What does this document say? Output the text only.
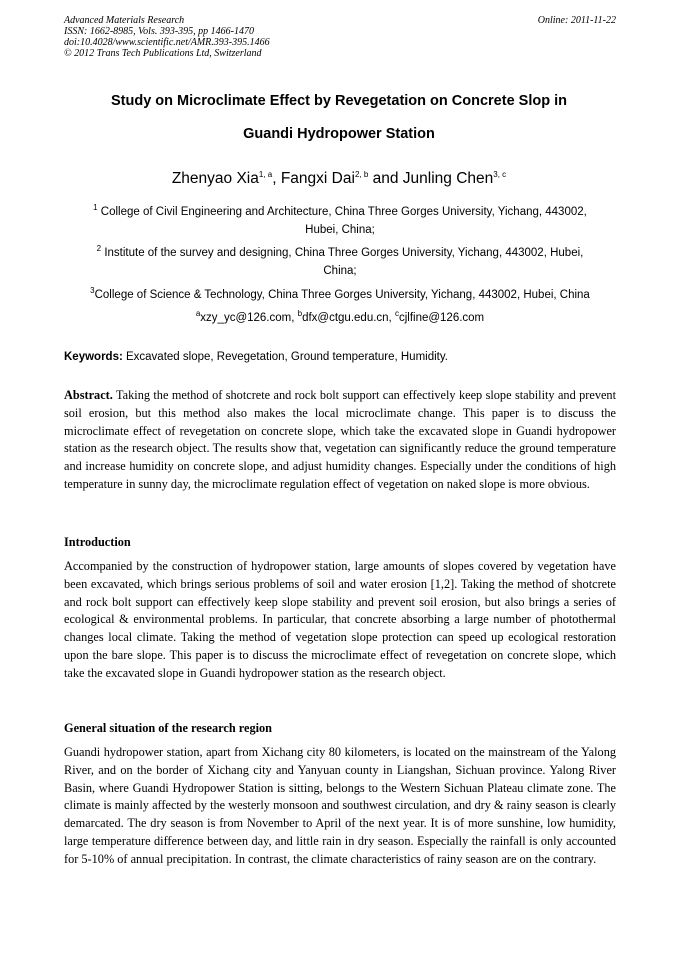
Advanced Materials Research
ISSN: 1662-8985, Vols. 393-395, pp 1466-1470
doi:10.4028/www.scientific.net/AMR.393-395.1466
© 2012 Trans Tech Publications Ltd, Switzerland
Online: 2011-11-22
Study on Microclimate Effect by Revegetation on Concrete Slop in
Guandi Hydropower Station
Zhenyao Xia$^{1, a}$, Fangxi Dai$^{2, b}$ and Junling Chen$^{3, c}$
$^1$ College of Civil Engineering and Architecture, China Three Gorges University, Yichang, 443002,
Hubei, China;
$^2$ Institute of the survey and designing, China Three Gorges University, Yichang, 443002, Hubei,
China;
$^3$College of Science & Technology, China Three Gorges University, Yichang, 443002, Hubei, China
$^a$xzy_yc@126.com, $^b$dfx@ctgu.edu.cn, $^c$cjlfine@126.com
Keywords: Excavated slope, Revegetation, Ground temperature, Humidity.
Abstract. Taking the method of shotcrete and rock bolt support can effectively keep slope stability and prevent soil erosion, but this method also makes the local microclimate change. This paper is to discuss the microclimate effect of revegetation on concrete slope, which take the excavated slope in Guandi hydropower station as the research object. The results show that, vegetation can significantly reduce the ground temperature and increase humidity on concrete slope, and adjust humidity changes. Especially under the conditions of high temperature in sunny day, the microclimate regulation effect of vegetation on naked slope is more obvious.
Introduction
Accompanied by the construction of hydropower station, large amounts of slopes covered by vegetation have been excavated, which brings serious problems of soil and water erosion [1,2]. Taking the method of shotcrete and rock bolt support can effectively keep slope stability and prevent soil erosion, but also brings a series of ecological & environmental problems. In particular, that concrete absorbing a large number of photothermal changes local climate. Taking the method of vegetation slope protection can speed up ecological restoration upon the bare slope. This paper is to discuss the microclimate effect of revegetation on concrete slope, which take the excavated slope in Guandi hydropower station as the research object.
General situation of the research region
Guandi hydropower station, apart from Xichang city 80 kilometers, is located on the mainstream of the Yalong River, and on the border of Xichang city and Yanyuan county in Liangshan, Sichuan province. Yalong River Basin, where Guandi Hydropower Station is sitting, belongs to the Western Sichuan Plateau climate zone. The climate is mainly affected by the westerly monsoon and southwest circulation, and dry & rainy season is clearly demarcated. The dry season is from November to April of the next year. It is of more sunshine, low humidity, large temperature difference between day, and little rain in dry season. Especially the rainfall is only accounted for 5-10% of annual precipitation. In contrast, the climate characteristics of rainy season are on the contrary.
